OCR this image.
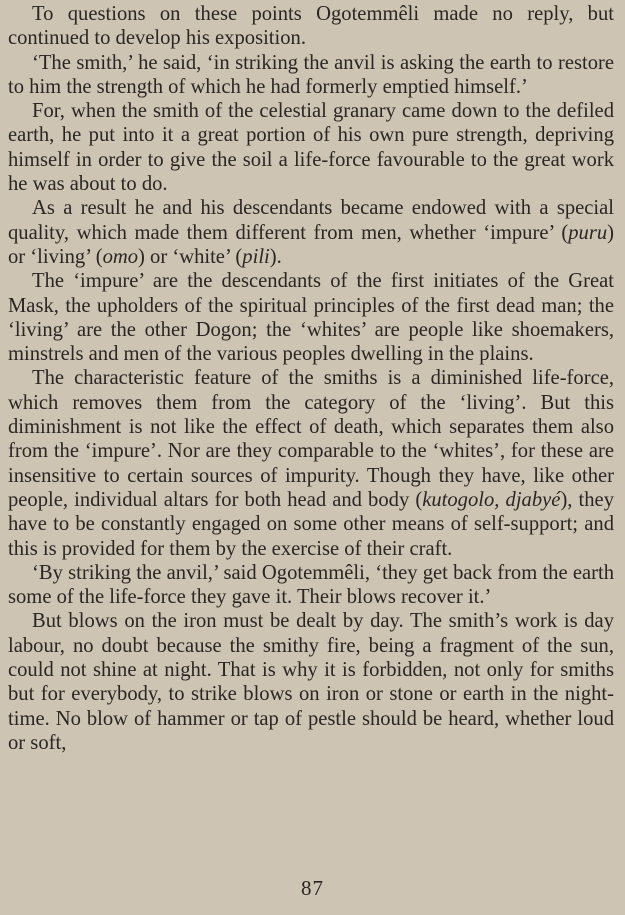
To questions on these points Ogotemmêli made no reply, but continued to develop his exposition.

‘The smith,’ he said, ‘in striking the anvil is asking the earth to restore to him the strength of which he had formerly emptied himself.’

For, when the smith of the celestial granary came down to the defiled earth, he put into it a great portion of his own pure strength, depriving himself in order to give the soil a life-force favourable to the great work he was about to do.

As a result he and his descendants became endowed with a special quality, which made them different from men, whether ‘impure’ (puru) or ‘living’ (omo) or ‘white’ (pili).

The ‘impure’ are the descendants of the first initiates of the Great Mask, the upholders of the spiritual principles of the first dead man; the ‘living’ are the other Dogon; the ‘whites’ are people like shoemakers, minstrels and men of the various peoples dwelling in the plains.

The characteristic feature of the smiths is a diminished life-force, which removes them from the category of the ‘living’. But this diminishment is not like the effect of death, which separates them also from the ‘impure’. Nor are they comparable to the ‘whites’, for these are insensitive to certain sources of impurity. Though they have, like other people, individual altars for both head and body (kutogolo, djabyé), they have to be constantly engaged on some other means of self-support; and this is provided for them by the exercise of their craft.

‘By striking the anvil,’ said Ogotemmêli, ‘they get back from the earth some of the life-force they gave it. Their blows recover it.’

But blows on the iron must be dealt by day. The smith’s work is day labour, no doubt because the smithy fire, being a fragment of the sun, could not shine at night. That is why it is forbidden, not only for smiths but for everybody, to strike blows on iron or stone or earth in the night-time. No blow of hammer or tap of pestle should be heard, whether loud or soft,

87
